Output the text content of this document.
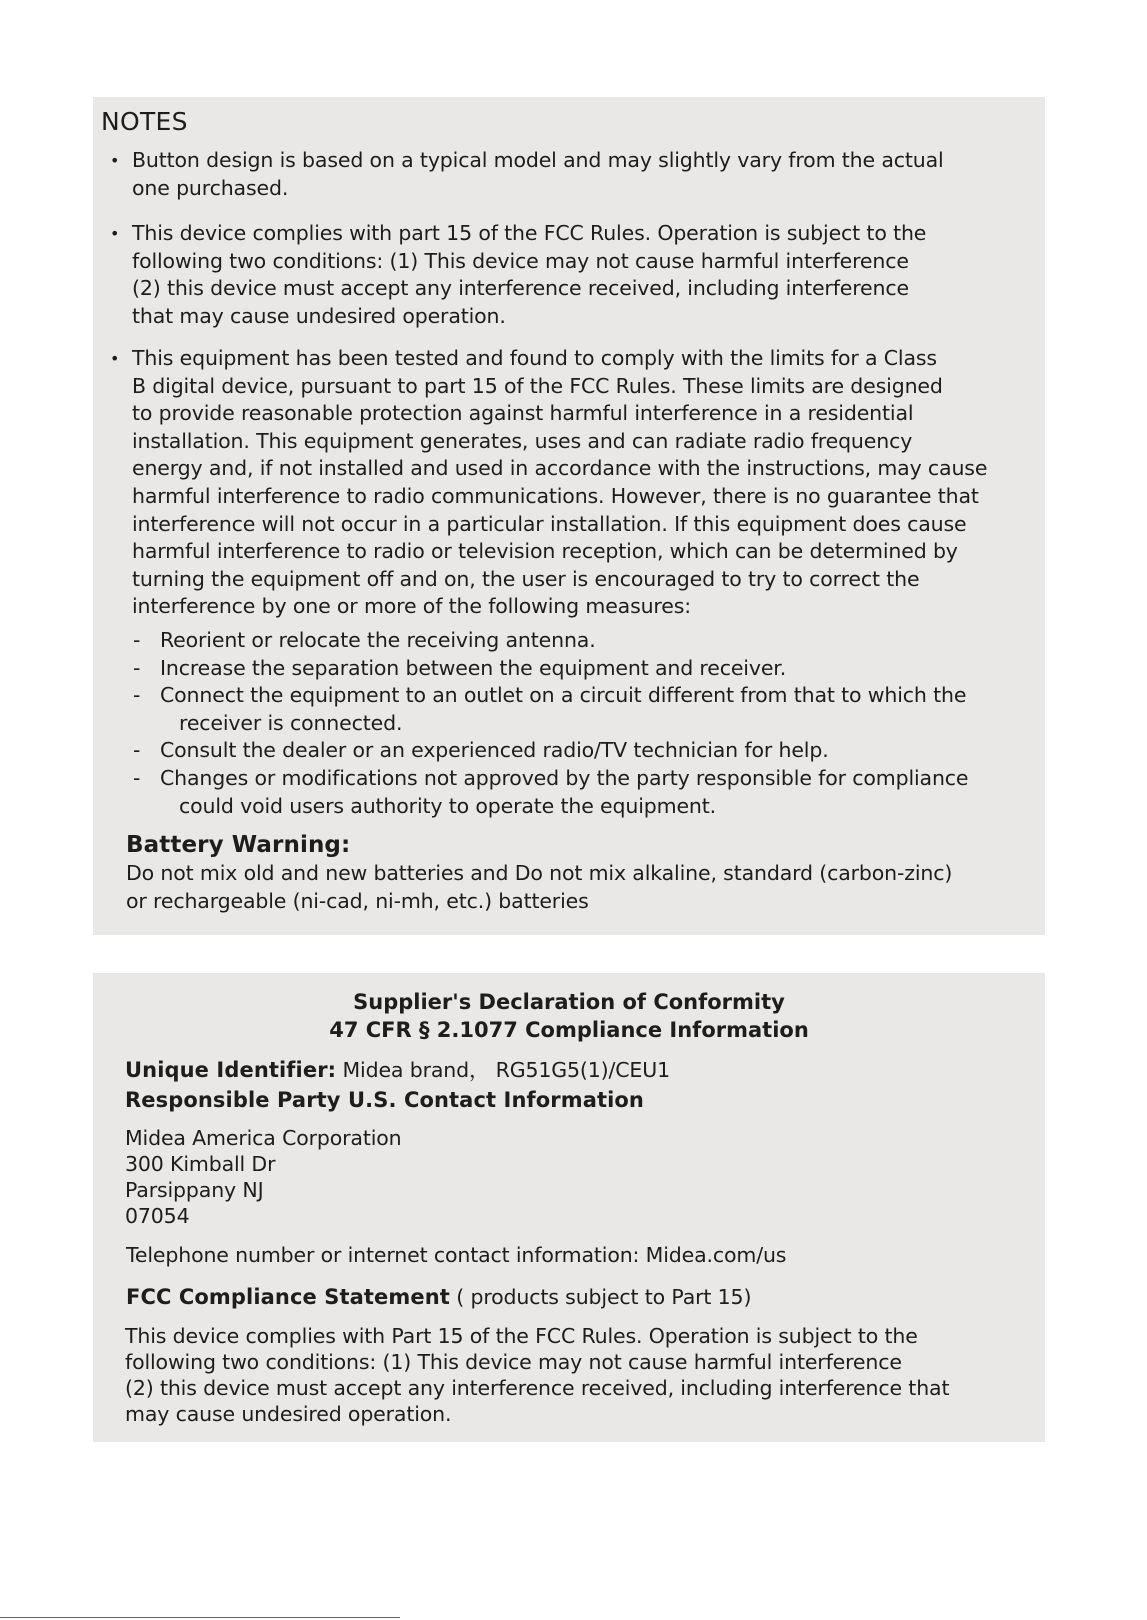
NOTES
• Button design is based on a typical model and may slightly vary from the actual
one purchased.
• This device complies with part 15 of the FCC Rules. Operation is subject to the
following two conditions: (1) This device may not cause harmful interference
(2) this device must accept any interference received, including interference
that may cause undesired operation.
• This equipment has been tested and found to comply with the limits for a Class
B digital device, pursuant to part 15 of the FCC Rules. These limits are designed
to provide reasonable protection against harmful interference in a residential
installation. This equipment generates, uses and can radiate radio frequency
energy and, if not installed and used in accordance with the instructions, may cause
harmful interference to radio communications. However, there is no guarantee that
interference will not occur in a particular installation. If this equipment does cause
harmful interference to radio or television reception, which can be determined by
turning the equipment off and on, the user is encouraged to try to correct the
interference by one or more of the following measures:
- Reorient or relocate the receiving antenna.
- Increase the separation between the equipment and receiver.
- Connect the equipment to an outlet on a circuit different from that to which the
receiver is connected.
- Consult the dealer or an experienced radio/TV technician for help.
- Changes or modifications not approved by the party responsible for compliance
could void users authority to operate the equipment.
Battery Warning:
Do not mix old and new batteries and Do not mix alkaline, standard (carbon-zinc)
or rechargeable (ni-cad, ni-mh, etc.) batteries
Supplier's Declaration of Conformity
47 CFR § 2.1077 Compliance Information
Unique Identifier: Midea brand， RG51G5(1)/CEU1
Responsible Party U.S. Contact Information
Midea America Corporation
300 Kimball Dr
Parsippany NJ
07054
Telephone number or internet contact information: Midea.com/us
FCC Compliance Statement ( products subject to Part 15)
This device complies with Part 15 of the FCC Rules. Operation is subject to the
following two conditions: (1) This device may not cause harmful interference
(2) this device must accept any interference received, including interference that
may cause undesired operation.
